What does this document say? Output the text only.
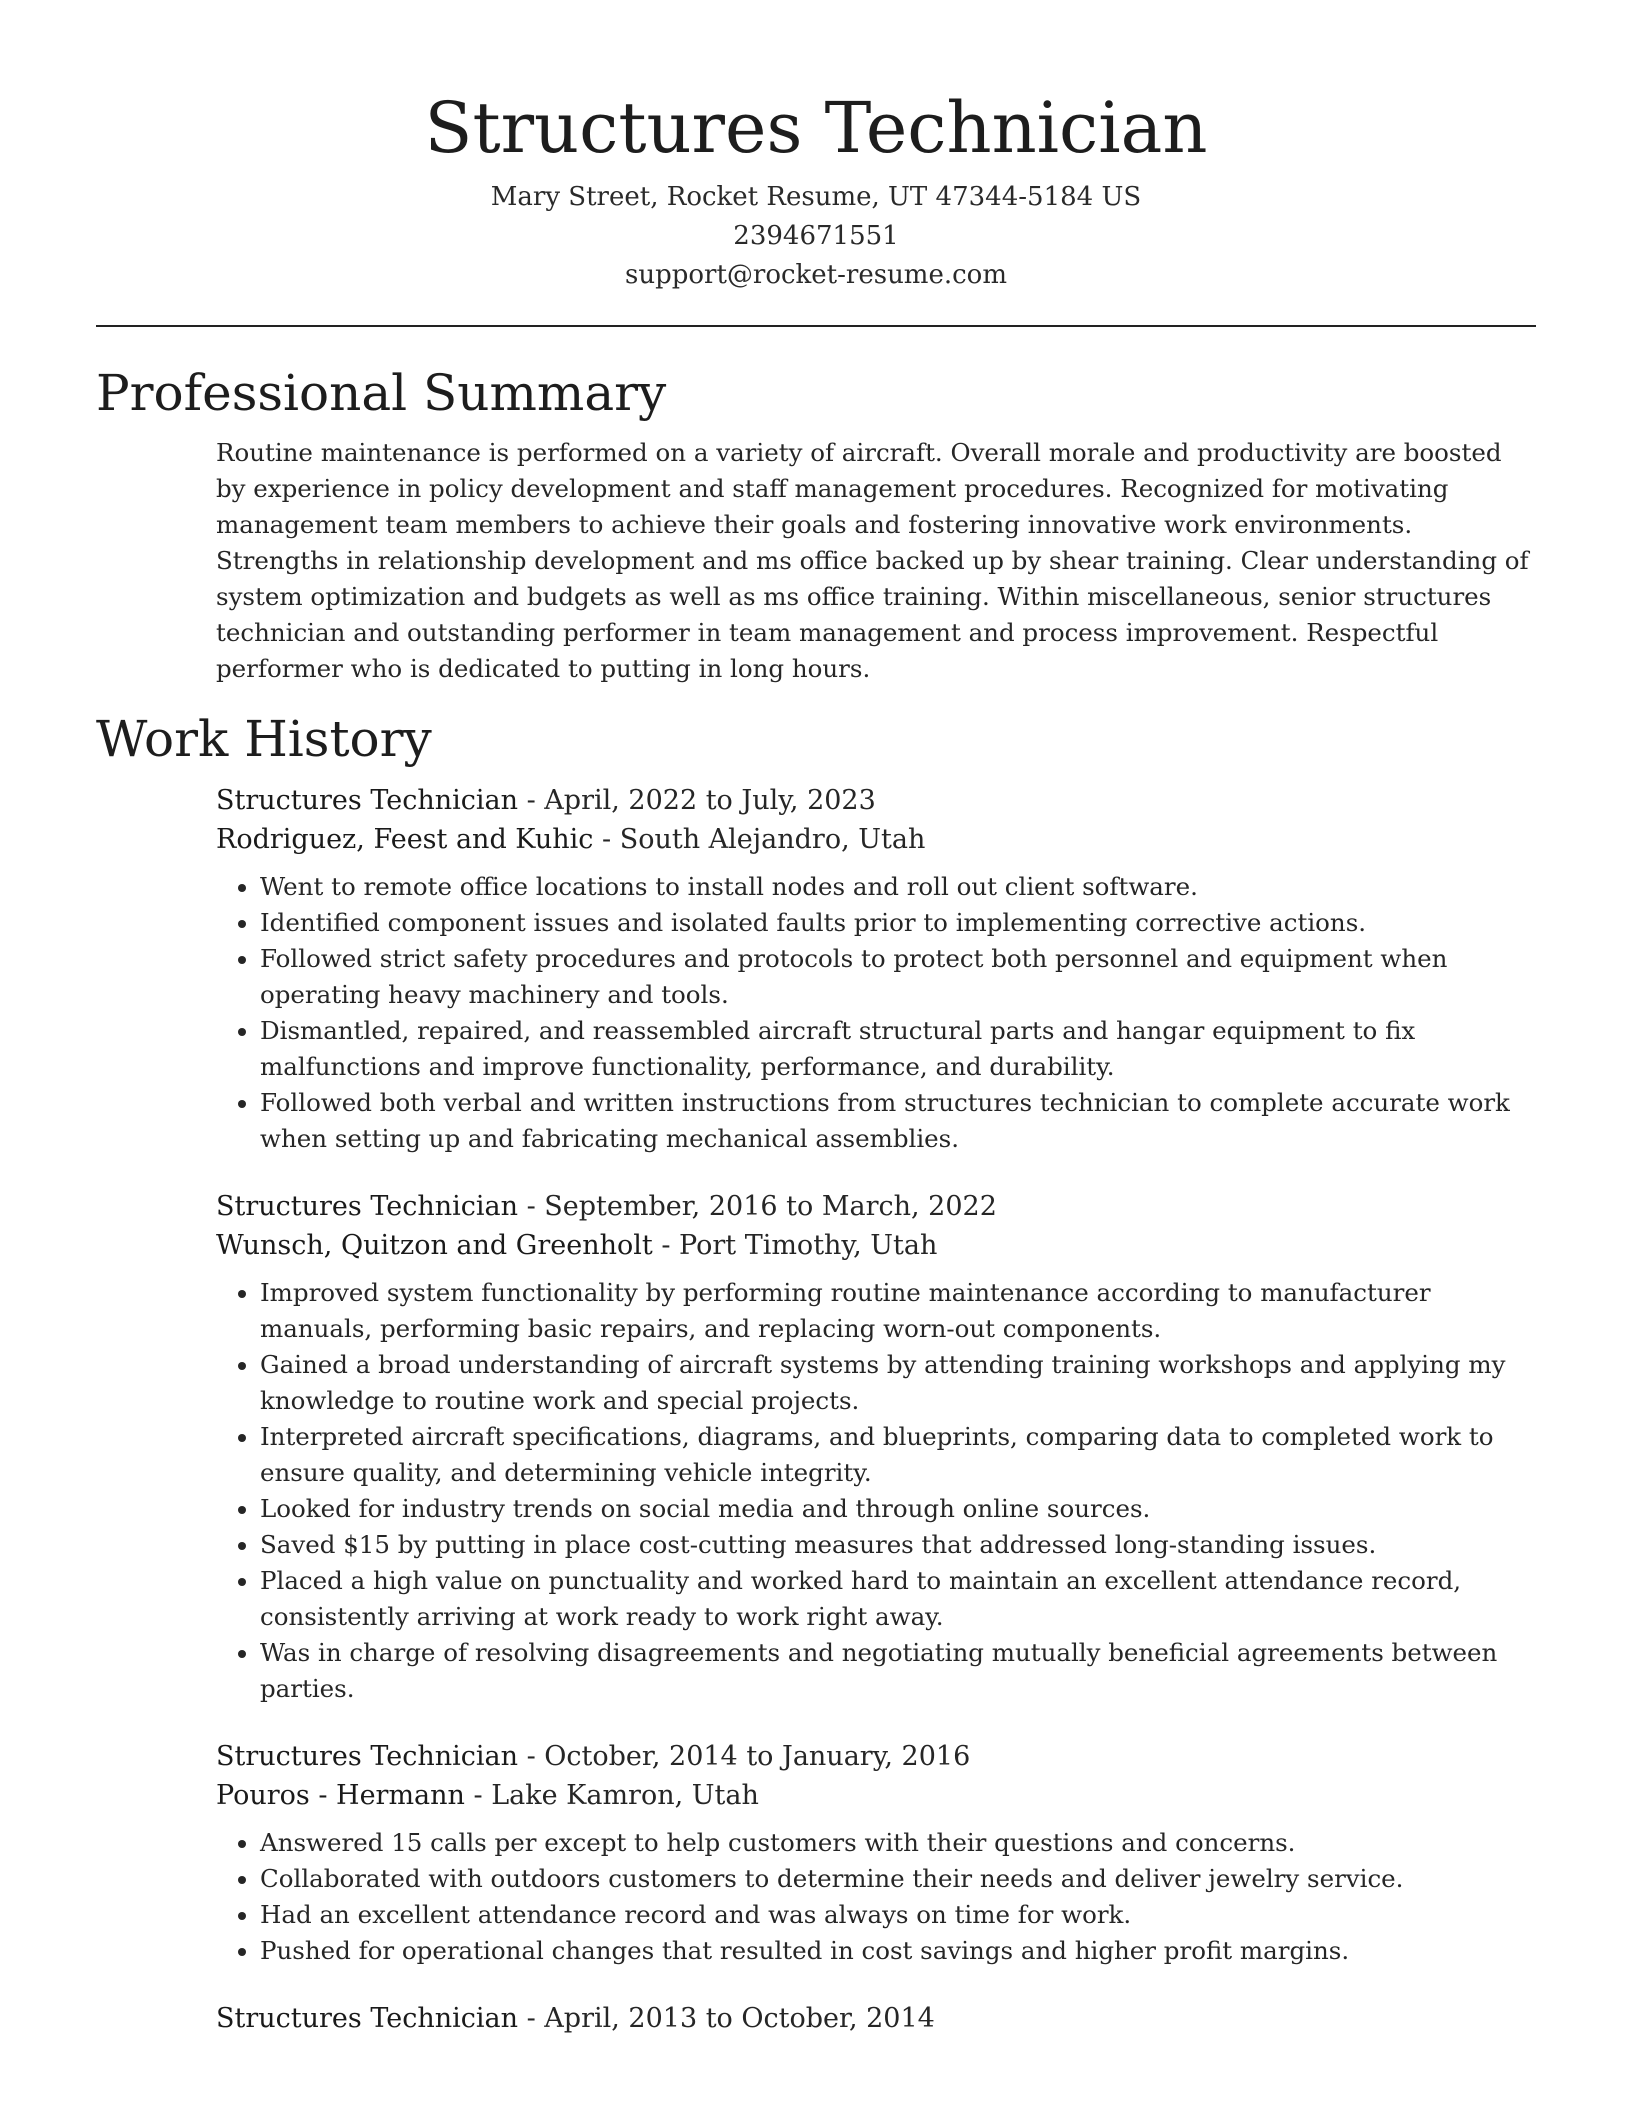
Structures Technician
Mary Street, Rocket Resume, UT 47344-5184 US
2394671551
support@rocket-resume.com
Professional Summary

Routine maintenance is performed on a variety of aircraft. Overall morale and productivity are boosted by experience in policy development and staff management procedures. Recognized for motivating management team members to achieve their goals and fostering innovative work environments. Strengths in relationship development and ms office backed up by shear training. Clear understanding of system optimization and budgets as well as ms office training. Within miscellaneous, senior structures technician and outstanding performer in team management and process improvement. Respectful performer who is dedicated to putting in long hours.

Work History
Structures Technician - April, 2022 to July, 2023
Rodriguez, Feest and Kuhic - South Alejandro, Utah
• Went to remote office locations to install nodes and roll out client software.
• Identified component issues and isolated faults prior to implementing corrective actions.
• Followed strict safety procedures and protocols to protect both personnel and equipment when operating heavy machinery and tools.
• Dismantled, repaired, and reassembled aircraft structural parts and hangar equipment to fix malfunctions and improve functionality, performance, and durability.
• Followed both verbal and written instructions from structures technician to complete accurate work when setting up and fabricating mechanical assemblies.
Structures Technician - September, 2016 to March, 2022
Wunsch, Quitzon and Greenholt - Port Timothy, Utah
• Improved system functionality by performing routine maintenance according to manufacturer manuals, performing basic repairs, and replacing worn-out components.
• Gained a broad understanding of aircraft systems by attending training workshops and applying my knowledge to routine work and special projects.
• Interpreted aircraft specifications, diagrams, and blueprints, comparing data to completed work to ensure quality, and determining vehicle integrity.
• Looked for industry trends on social media and through online sources.
• Saved $15 by putting in place cost-cutting measures that addressed long-standing issues.
• Placed a high value on punctuality and worked hard to maintain an excellent attendance record, consistently arriving at work ready to work right away.
• Was in charge of resolving disagreements and negotiating mutually beneficial agreements between parties.
Structures Technician - October, 2014 to January, 2016
Pouros - Hermann - Lake Kamron, Utah
• Answered 15 calls per except to help customers with their questions and concerns.
• Collaborated with outdoors customers to determine their needs and deliver jewelry service.
• Had an excellent attendance record and was always on time for work.
• Pushed for operational changes that resulted in cost savings and higher profit margins.
Structures Technician - April, 2013 to October, 2014
